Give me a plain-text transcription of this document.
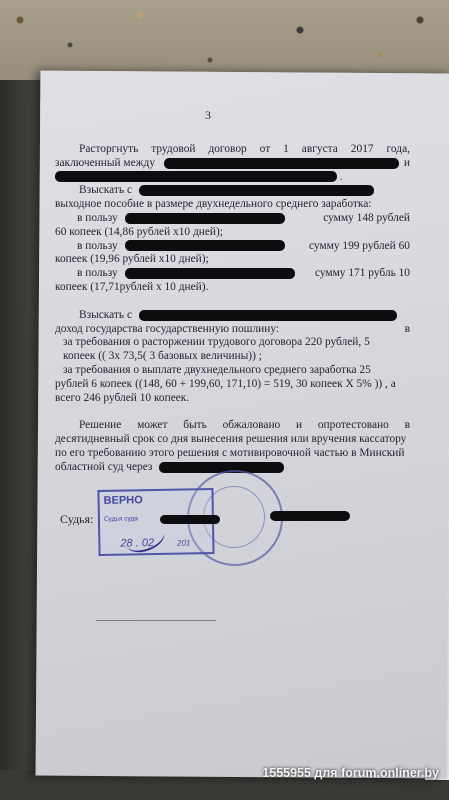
3

Расторгнуть трудовой договор от 1 августа 2017 года,

заключенный между	и

.

Взыскать с

выходное пособие в размере двухнедельного среднего заработка:

в пользу	сумму 148 рублей

60 копеек (14,86 рублей х10 дней);

в пользу	сумму 199 рублей 60

копеек (19,96 рублей х10 дней);

в пользу	сумму 171 рубль 10

копеек (17,71рублей х 10 дней).

Взыскать с
в

доход государства государственную пошлину:

за требования о расторжении трудового договора 220 рублей, 5

копеек (( 3х 73,5( 3 базовых величины)) ;

за требования о выплате двухнедельного среднего заработка 25

рублей 6 копеек ((148, 60 + 199,60, 171,10) = 519, 30 копеек Х 5% )) , а

всего 246 рублей 10 копеек.

Решение может быть обжаловано и опротестовано в

десятидневный срок со дня вынесения решения или вручения кассатору

по его требованию этого решения с мотивировочной частью в Минский

областной суд через

ВЕРНО
Судья суда
28 . 02	201
Судья:
1555955 для forum.onliner.by
